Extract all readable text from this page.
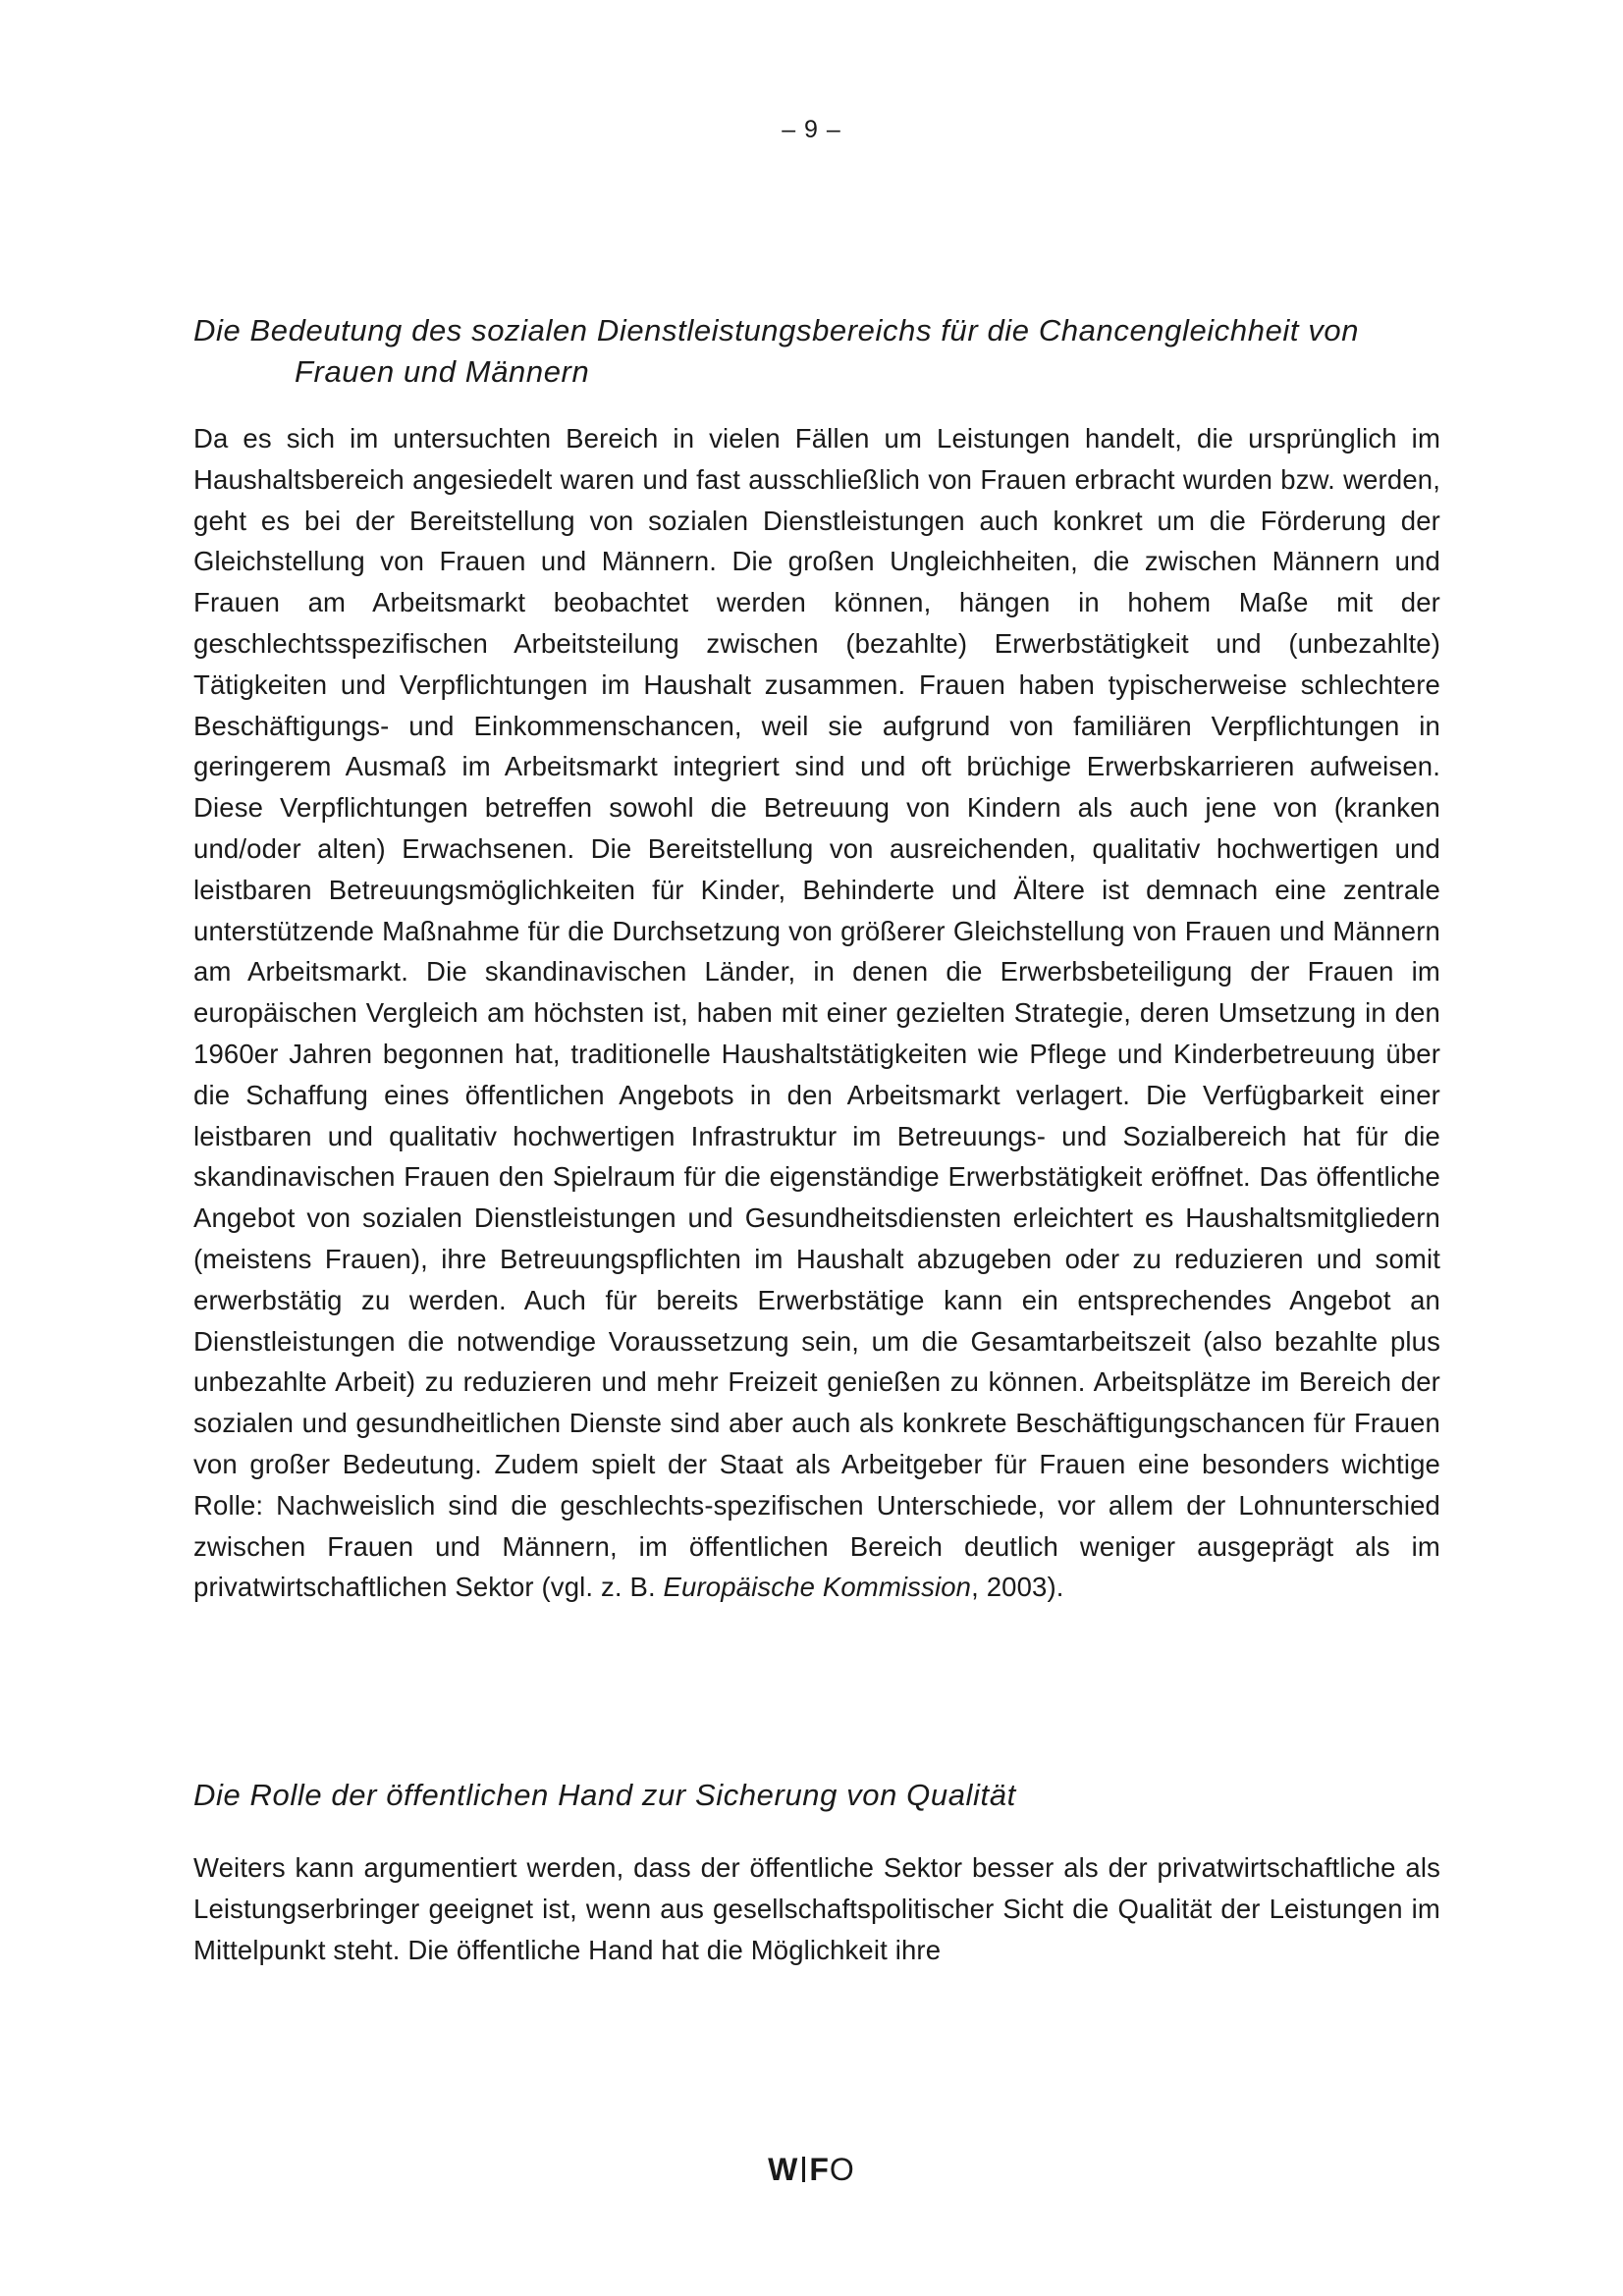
– 9 –
Die Bedeutung des sozialen Dienstleistungsbereichs für die Chancengleichheit von
Frauen und Männern

Da es sich im untersuchten Bereich in vielen Fällen um Leistungen handelt, die ursprünglich im Haushaltsbereich angesiedelt waren und fast ausschließlich von Frauen erbracht wurden bzw. werden, geht es bei der Bereitstellung von sozialen Dienstleistungen auch konkret um die Förderung der Gleichstellung von Frauen und Männern. Die großen Ungleichheiten, die zwischen Männern und Frauen am Arbeitsmarkt beobachtet werden können, hängen in hohem Maße mit der geschlechtsspezifischen Arbeitsteilung zwischen (bezahlte) Erwerbstätigkeit und (unbezahlte) Tätigkeiten und Verpflichtungen im Haushalt zusammen. Frauen haben typischerweise schlechtere Beschäftigungs- und Einkommenschancen, weil sie aufgrund von familiären Verpflichtungen in geringerem Ausmaß im Arbeitsmarkt integriert sind und oft brüchige Erwerbskarrieren aufweisen. Diese Verpflichtungen betreffen sowohl die Betreuung von Kindern als auch jene von (kranken und/oder alten) Erwachsenen. Die Bereitstellung von ausreichenden, qualitativ hochwertigen und leistbaren Betreuungsmöglichkeiten für Kinder, Behinderte und Ältere ist demnach eine zentrale unterstützende Maßnahme für die Durchsetzung von größerer Gleichstellung von Frauen und Männern am Arbeitsmarkt. Die skandinavischen Länder, in denen die Erwerbsbeteiligung der Frauen im europäischen Vergleich am höchsten ist, haben mit einer gezielten Strategie, deren Umsetzung in den 1960er Jahren begonnen hat, traditionelle Haushaltstätigkeiten wie Pflege und Kinderbetreuung über die Schaffung eines öffentlichen Angebots in den Arbeitsmarkt verlagert. Die Verfügbarkeit einer leistbaren und qualitativ hochwertigen Infrastruktur im Betreuungs- und Sozialbereich hat für die skandinavischen Frauen den Spielraum für die eigenständige Erwerbstätigkeit eröffnet. Das öffentliche Angebot von sozialen Dienstleistungen und Gesundheitsdiensten erleichtert es Haushaltsmitgliedern (meistens Frauen), ihre Betreuungspflichten im Haushalt abzugeben oder zu reduzieren und somit erwerbstätig zu werden. Auch für bereits Erwerbstätige kann ein entsprechendes Angebot an Dienstleistungen die notwendige Voraussetzung sein, um die Gesamtarbeitszeit (also bezahlte plus unbezahlte Arbeit) zu reduzieren und mehr Freizeit genießen zu können. Arbeitsplätze im Bereich der sozialen und gesundheitlichen Dienste sind aber auch als konkrete Beschäftigungschancen für Frauen von großer Bedeutung. Zudem spielt der Staat als Arbeitgeber für Frauen eine besonders wichtige Rolle: Nachweislich sind die geschlechts-spezifischen Unterschiede, vor allem der Lohnunterschied zwischen Frauen und Männern, im öffentlichen Bereich deutlich weniger ausgeprägt als im privatwirtschaftlichen Sektor (vgl. z. B. Europäische Kommission, 2003).

Die Rolle der öffentlichen Hand zur Sicherung von Qualität

Weiters kann argumentiert werden, dass der öffentliche Sektor besser als der privatwirtschaftliche als Leistungserbringer geeignet ist, wenn aus gesellschaftspolitischer Sicht die Qualität der Leistungen im Mittelpunkt steht. Die öffentliche Hand hat die Möglichkeit ihre

W FO
